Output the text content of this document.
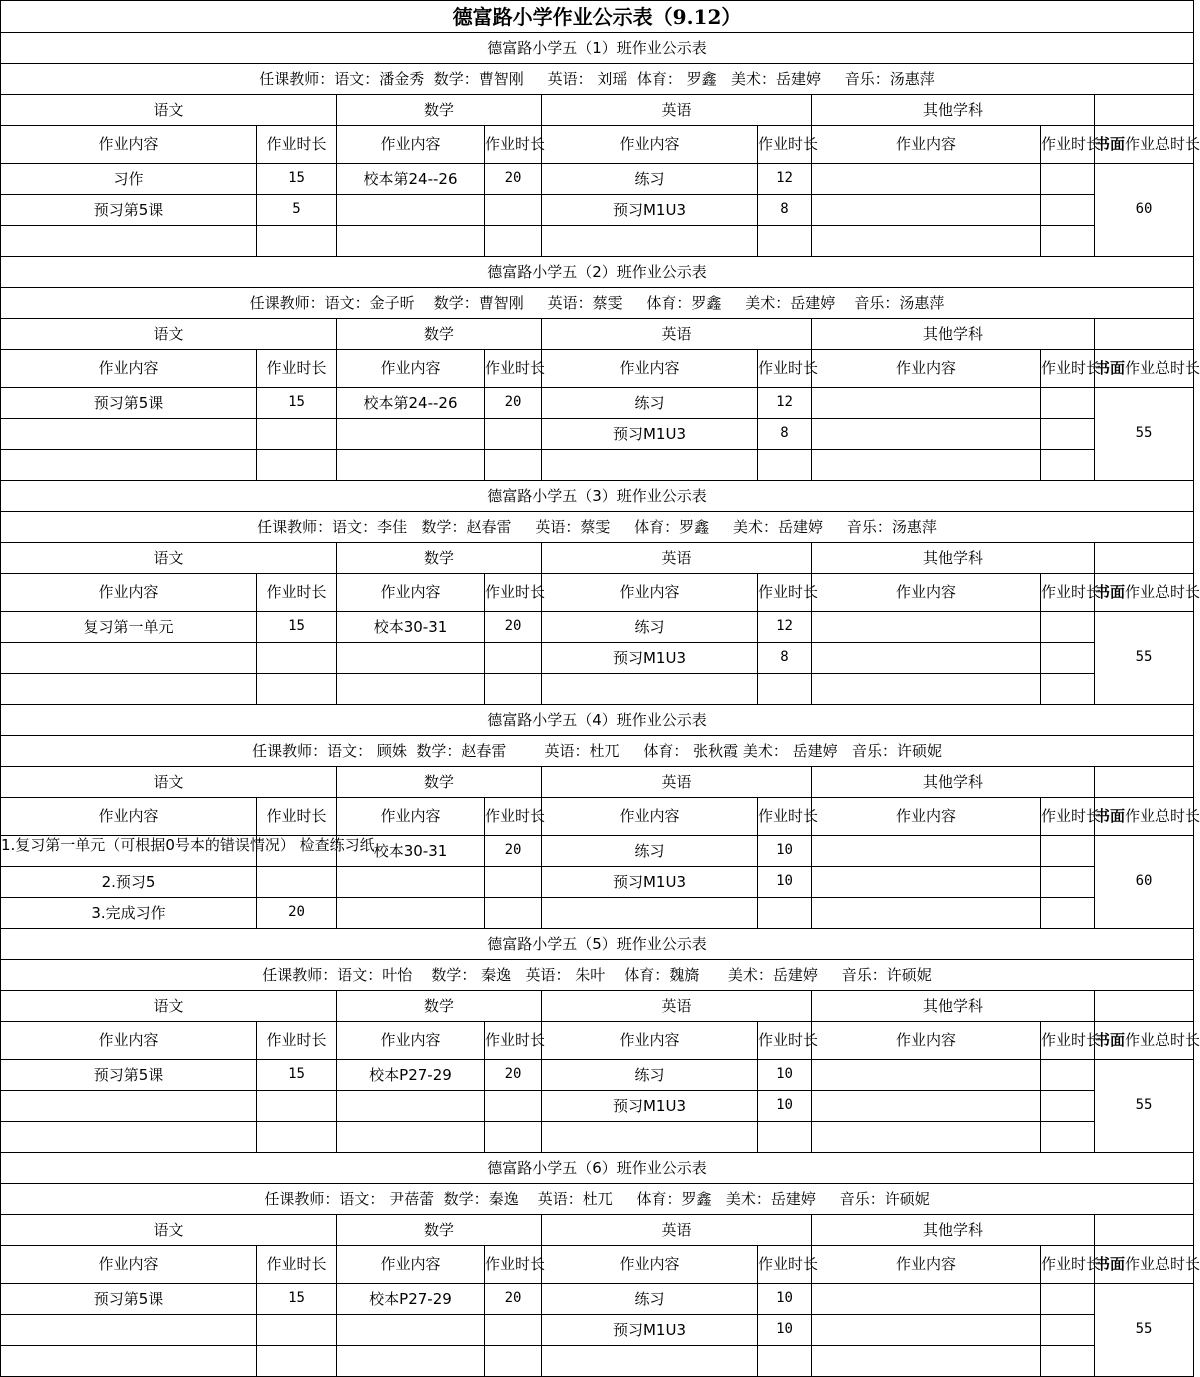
德富路小学作业公示表（9.12）								
德富路小学五（1）班作业公示表								
任课教师：语文：潘金秀  数学：曹智刚     英语： 刘瑶  体育： 罗鑫   美术：岳建婷     音乐：汤惠萍								
语文		数学		英语		其他学科		
作业内容	作业时长	作业内容	作业时长	作业内容	作业时长	作业内容	作业时长	书面作业总时长
习作	15	校本第24--26	20	练习	12			60
预习第5课	5			预习M1U3	8			

德富路小学五（2）班作业公示表								
任课教师：语文：金子昕    数学：曹智刚     英语：蔡雯     体育：罗鑫     美术：岳建婷    音乐：汤惠萍								
语文		数学		英语		其他学科		
作业内容	作业时长	作业内容	作业时长	作业内容	作业时长	作业内容	作业时长	书面作业总时长
预习第5课	15	校本第24--26	20	练习	12			55
				预习M1U3	8			

德富路小学五（3）班作业公示表								
任课教师：语文：李佳   数学：赵春雷     英语：蔡雯     体育：罗鑫     美术：岳建婷     音乐：汤惠萍								
语文		数学		英语		其他学科		
作业内容	作业时长	作业内容	作业时长	作业内容	作业时长	作业内容	作业时长	书面作业总时长
复习第一单元	15	校本30-31	20	练习	12			55
				预习M1U3	8			

德富路小学五（4）班作业公示表								
任课教师：语文： 顾姝  数学：赵春雷        英语：杜兀     体育： 张秋霞 美术： 岳建婷   音乐：许硕妮								
语文		数学		英语		其他学科		
作业内容	作业时长	作业内容	作业时长	作业内容	作业时长	作业内容	作业时长	书面作业总时长

1.复习第一单元（可根据0号本的错误情况） 检查练习纸		校本30-31	20	练习	10			60
2.预习5				预习M1U3	10			
3.完成习作	20							
德富路小学五（5）班作业公示表								
任课教师：语文：叶怡    数学： 秦逸   英语： 朱叶    体育：魏旖      美术：岳建婷     音乐：许硕妮								
语文		数学		英语		其他学科		
作业内容	作业时长	作业内容	作业时长	作业内容	作业时长	作业内容	作业时长	书面作业总时长
预习第5课	15	校本P27-29	20	练习	10			55
				预习M1U3	10			

德富路小学五（6）班作业公示表								
任课教师：语文： 尹蓓蕾  数学：秦逸    英语：杜兀     体育：罗鑫   美术：岳建婷     音乐：许硕妮								
语文		数学		英语		其他学科		
作业内容	作业时长	作业内容	作业时长	作业内容	作业时长	作业内容	作业时长	书面作业总时长
预习第5课	15	校本P27-29	20	练习	10			55
				预习M1U3	10			
